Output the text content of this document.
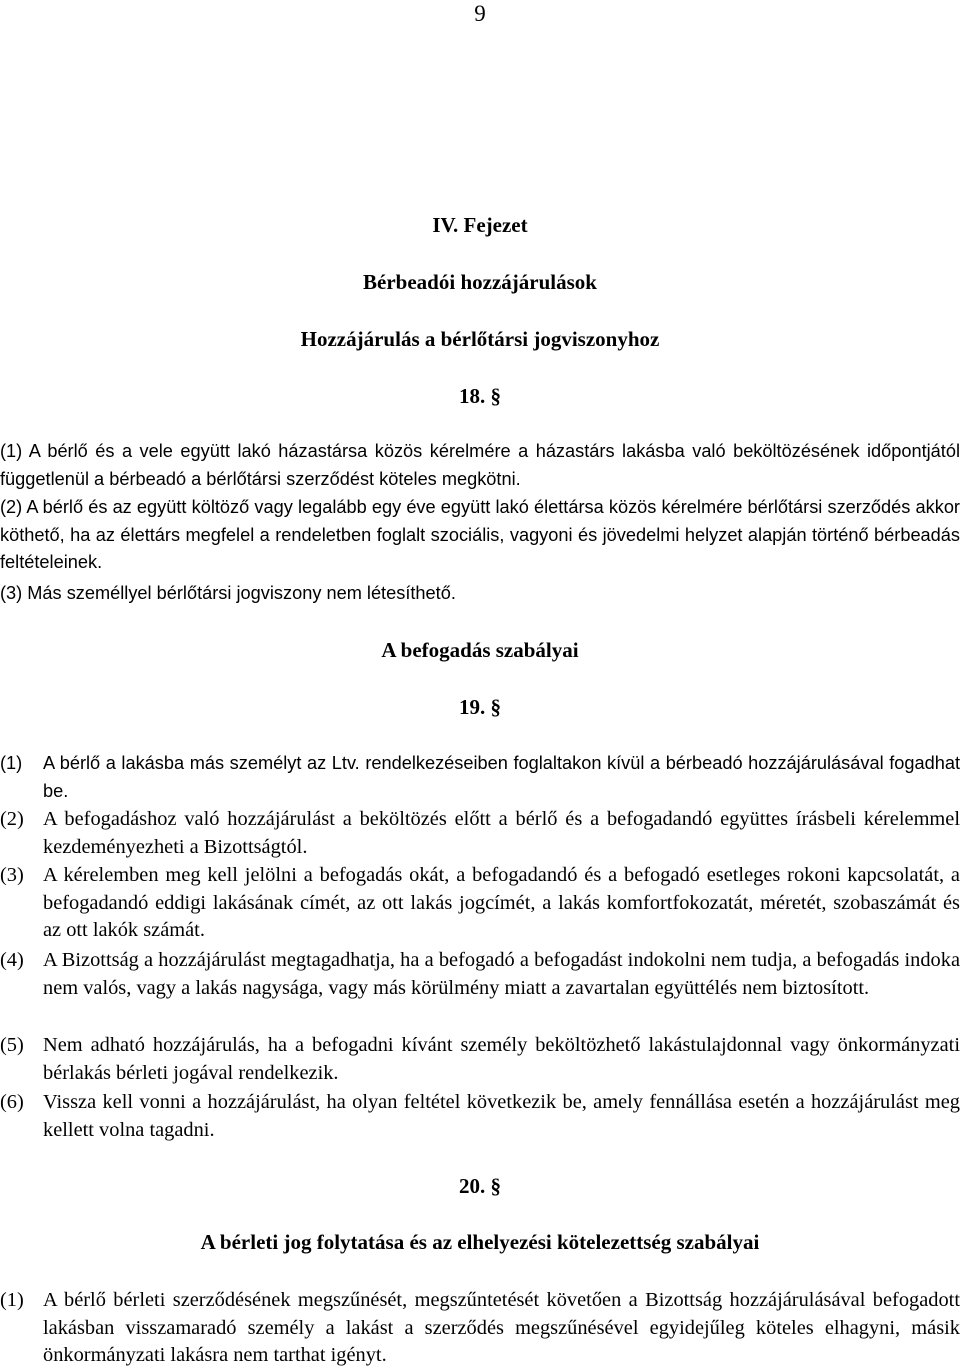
9
IV. Fejezet
Bérbeadói hozzájárulások
Hozzájárulás a bérlőtársi jogviszonyhoz
18. §
(1) A bérlő és a vele együtt lakó házastársa közös kérelmére a házastárs lakásba való beköltözésének időpontjától függetlenül a bérbeadó a bérlőtársi szerződést köteles megkötni.
(2) A bérlő és az együtt költöző vagy legalább egy éve együtt lakó élettársa közös kérelmére bérlőtársi szerződés akkor köthető, ha az élettárs megfelel a rendeletben foglalt szociális, vagyoni és jövedelmi helyzet alapján történő bérbeadás feltételeinek.
(3) Más személlyel bérlőtársi jogviszony nem létesíthető.
A befogadás szabályai
19. §
(1)	A bérlő a lakásba más személyt az Ltv. rendelkezéseiben foglaltakon kívül a bérbeadó hozzájárulásával fogadhat be.
(2) A befogadáshoz való hozzájárulást a beköltözés előtt a bérlő és a befogadandó együttes írásbeli kérelemmel kezdeményezheti a Bizottságtól.
(3) A kérelemben meg kell jelölni a befogadás okát, a befogadandó és a befogadó esetleges rokoni kapcsolatát, a befogadandó eddigi lakásának címét, az ott lakás jogcímét, a lakás komfortfokozatát, méretét, szobaszámát és az ott lakók számát.
(4) A Bizottság a hozzájárulást megtagadhatja, ha a befogadó a befogadást indokolni nem tudja, a befogadás indoka nem valós, vagy a lakás nagysága, vagy más körülmény miatt a zavartalan együttélés nem biztosított.
(5) Nem adható hozzájárulás, ha a befogadni kívánt személy beköltözhető lakástulajdonnal vagy önkormányzati bérlakás bérleti jogával rendelkezik.
(6) Vissza kell vonni a hozzájárulást, ha olyan feltétel következik be, amely fennállása esetén a hozzájárulást meg kellett volna tagadni.
20. §
A bérleti jog folytatása és az elhelyezési kötelezettség szabályai
(1) A bérlő bérleti szerződésének megszűnését, megszűntetését követően a Bizottság hozzájárulásával befogadott lakásban visszamaradó személy a lakást a szerződés megszűnésével egyidejűleg köteles elhagyni, másik önkormányzati lakásra nem tarthat igényt.
